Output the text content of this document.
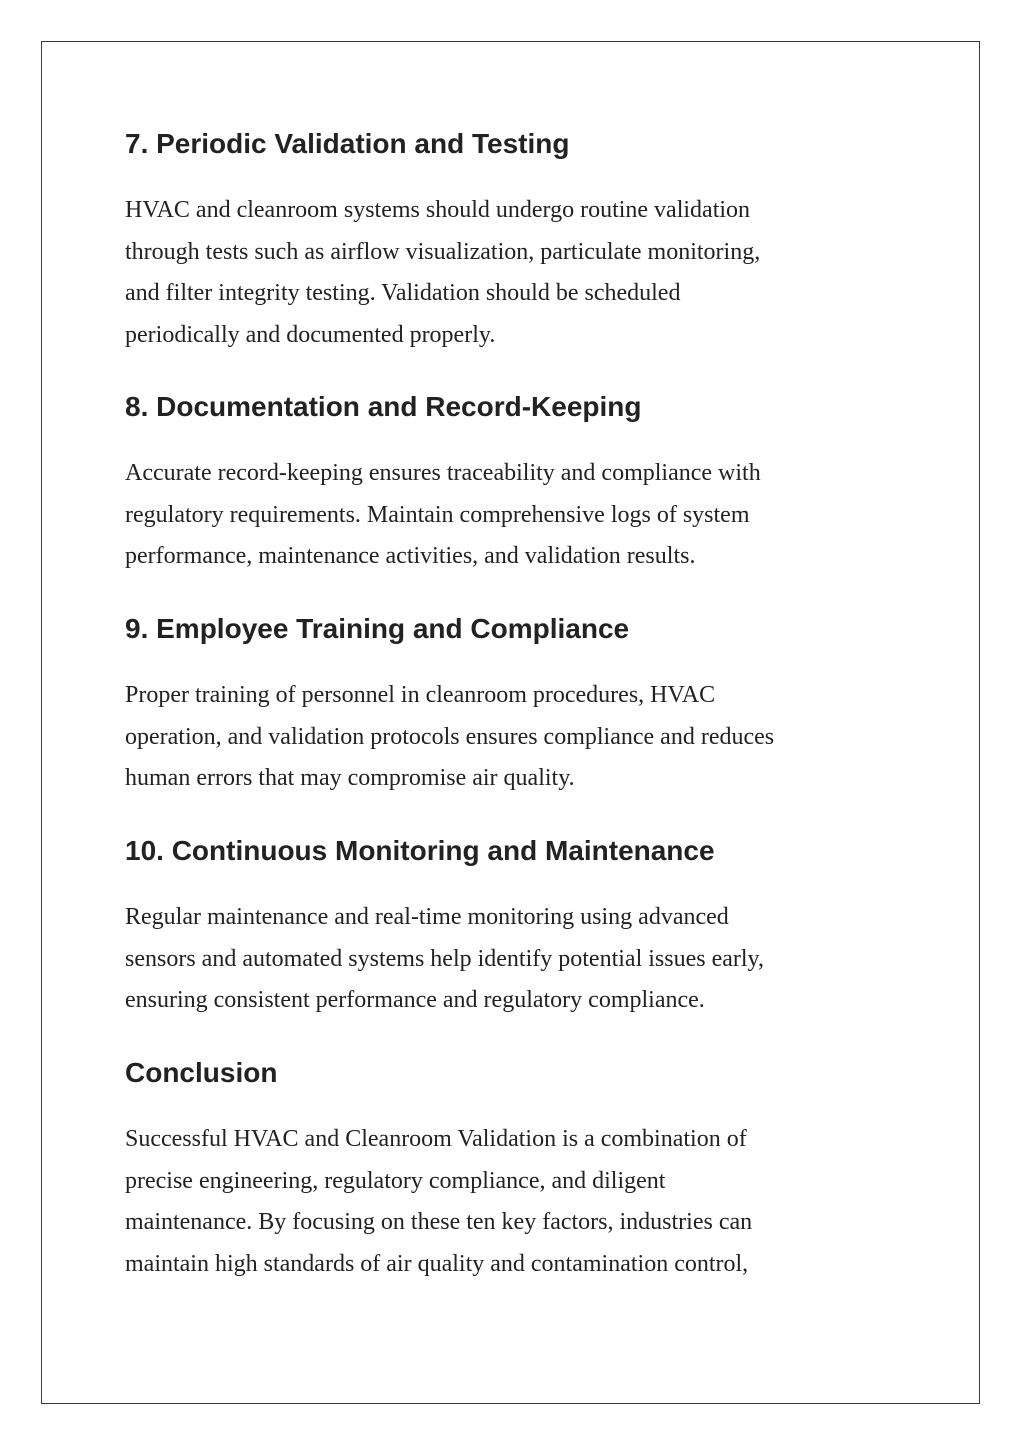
7. Periodic Validation and Testing

HVAC and cleanroom systems should undergo routine validation
through tests such as airflow visualization, particulate monitoring,
and filter integrity testing. Validation should be scheduled
periodically and documented properly.

8. Documentation and Record-Keeping

Accurate record-keeping ensures traceability and compliance with
regulatory requirements. Maintain comprehensive logs of system
performance, maintenance activities, and validation results.

9. Employee Training and Compliance

Proper training of personnel in cleanroom procedures, HVAC
operation, and validation protocols ensures compliance and reduces
human errors that may compromise air quality.

10. Continuous Monitoring and Maintenance

Regular maintenance and real-time monitoring using advanced
sensors and automated systems help identify potential issues early,
ensuring consistent performance and regulatory compliance.

Conclusion

Successful HVAC and Cleanroom Validation is a combination of
precise engineering, regulatory compliance, and diligent
maintenance. By focusing on these ten key factors, industries can
maintain high standards of air quality and contamination control,
